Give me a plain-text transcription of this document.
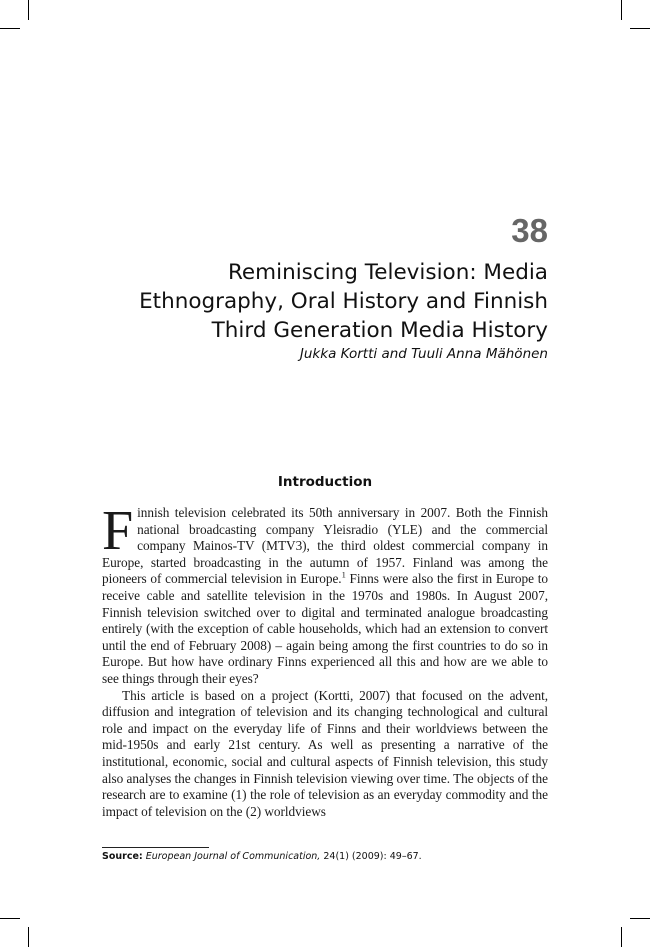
38
Reminiscing Television: Media
Ethnography, Oral History and Finnish
Third Generation Media History
Jukka Kortti and Tuuli Anna Mähönen
Introduction

Finnish television celebrated its 50th anniversary in 2007. Both the Finnish national broadcasting company Yleisradio (YLE) and the commercial company Mainos-TV (MTV3), the third oldest commercial company in Europe, started broadcasting in the autumn of 1957. Finland was among the pioneers of commercial television in Europe.$^1$ Finns were also the first in Europe to receive cable and satellite television in the 1970s and 1980s. In August 2007, Finnish television switched over to digital and terminated analogue broadcasting entirely (with the exception of cable households, which had an extension to convert until the end of February 2008) – again being among the first countries to do so in Europe. But how have ordinary Finns experienced all this and how are we able to see things through their eyes?

This article is based on a project (Kortti, 2007) that focused on the advent, diffusion and integration of television and its changing technological and cultural role and impact on the everyday life of Finns and their worldviews between the mid-1950s and early 21st century. As well as presenting a narrative of the institutional, economic, social and cultural aspects of Finnish television, this study also analyses the changes in Finnish television viewing over time. The objects of the research are to examine (1) the role of television as an everyday commodity and the impact of television on the (2) worldviews

Source: European Journal of Communication, 24(1) (2009): 49–67.
